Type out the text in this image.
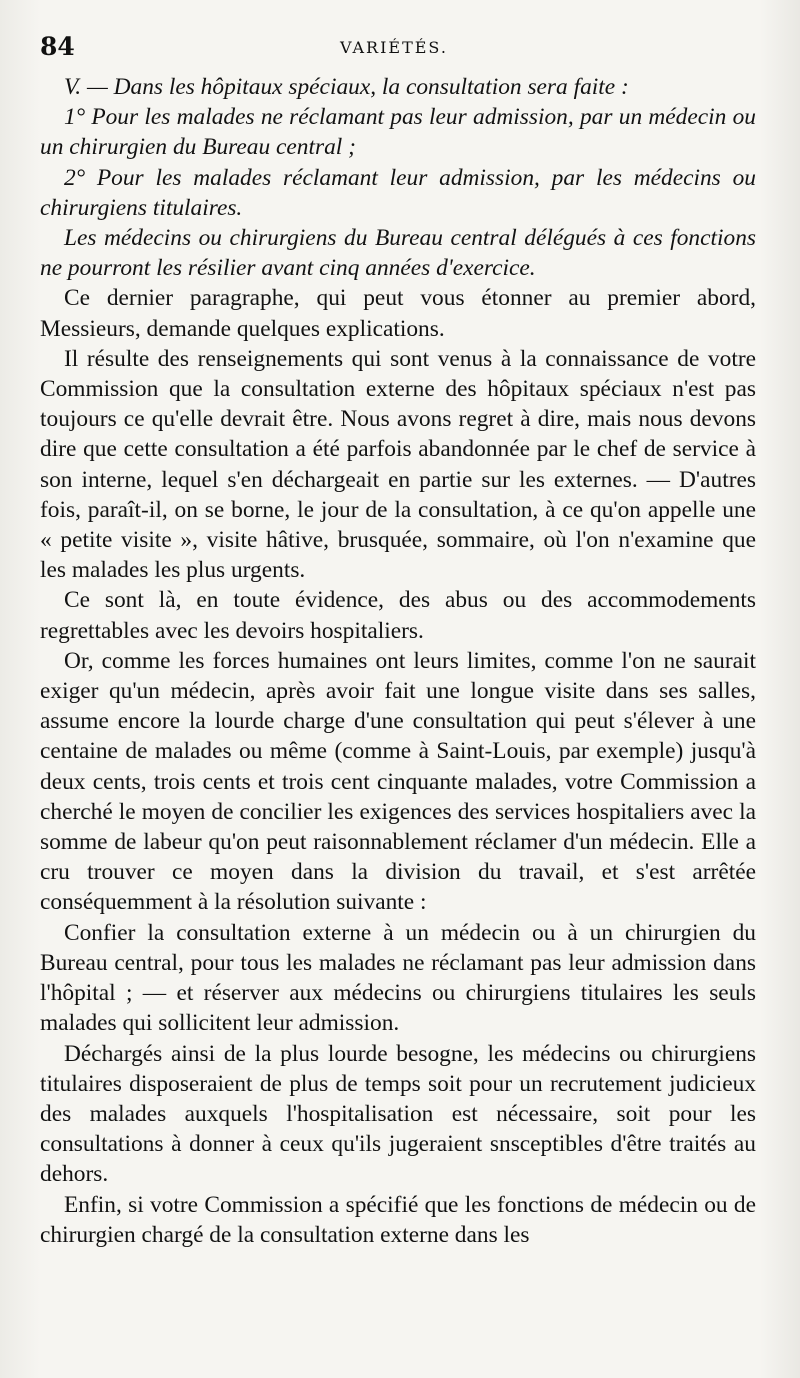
84	VARIÉTÉS.

V. — Dans les hôpitaux spéciaux, la consultation sera faite :

1° Pour les malades ne réclamant pas leur admission, par un médecin ou un chirurgien du Bureau central ;

2° Pour les malades réclamant leur admission, par les médecins ou chirurgiens titulaires.

Les médecins ou chirurgiens du Bureau central délégués à ces fonctions ne pourront les résilier avant cinq années d'exercice.

Ce dernier paragraphe, qui peut vous étonner au premier abord, Messieurs, demande quelques explications.

Il résulte des renseignements qui sont venus à la connaissance de votre Commission que la consultation externe des hôpitaux spéciaux n'est pas toujours ce qu'elle devrait être. Nous avons regret à dire, mais nous devons dire que cette consultation a été parfois abandonnée par le chef de service à son interne, lequel s'en déchargeait en partie sur les externes. — D'autres fois, paraît-il, on se borne, le jour de la consultation, à ce qu'on appelle une « petite visite », visite hâtive, brusquée, sommaire, où l'on n'examine que les malades les plus urgents.

Ce sont là, en toute évidence, des abus ou des accommodements regrettables avec les devoirs hospitaliers.

Or, comme les forces humaines ont leurs limites, comme l'on ne saurait exiger qu'un médecin, après avoir fait une longue visite dans ses salles, assume encore la lourde charge d'une consultation qui peut s'élever à une centaine de malades ou même (comme à Saint-Louis, par exemple) jusqu'à deux cents, trois cents et trois cent cinquante malades, votre Commission a cherché le moyen de concilier les exigences des services hospitaliers avec la somme de labeur qu'on peut raisonnablement réclamer d'un médecin. Elle a cru trouver ce moyen dans la division du travail, et s'est arrêtée conséquemment à la résolution suivante :

Confier la consultation externe à un médecin ou à un chirurgien du Bureau central, pour tous les malades ne réclamant pas leur admission dans l'hôpital ; — et réserver aux médecins ou chirurgiens titulaires les seuls malades qui sollicitent leur admission.

Déchargés ainsi de la plus lourde besogne, les médecins ou chirurgiens titulaires disposeraient de plus de temps soit pour un recrutement judicieux des malades auxquels l'hospitalisation est nécessaire, soit pour les consultations à donner à ceux qu'ils jugeraient snsceptibles d'être traités au dehors.

Enfin, si votre Commission a spécifié que les fonctions de médecin ou de chirurgien chargé de la consultation externe dans les
